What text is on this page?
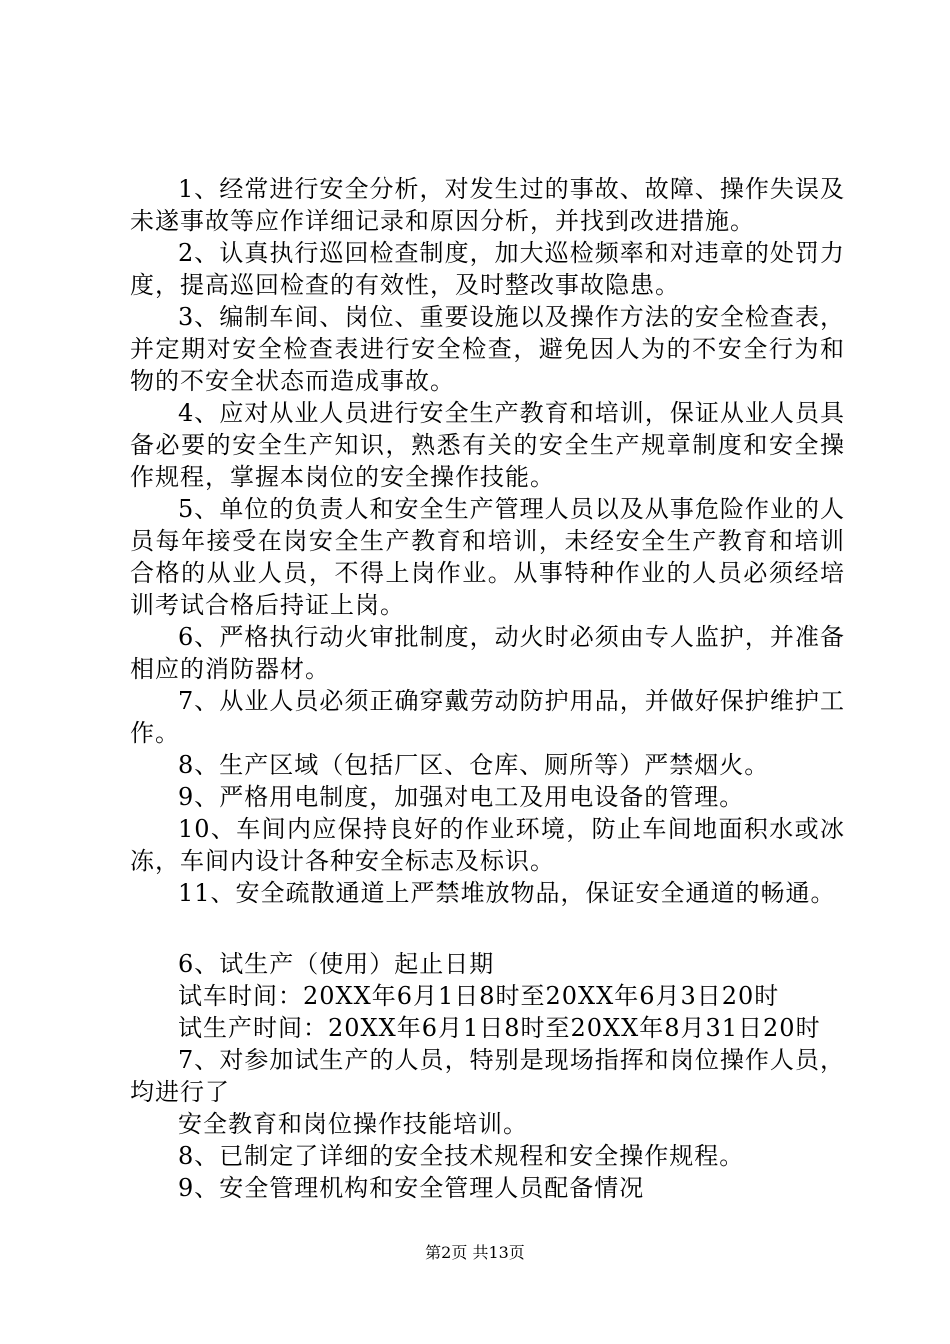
1、经常进行安全分析，对发生过的事故、故障、操作失误及未遂事故等应作详细记录和原因分析，并找到改进措施。

2、认真执行巡回检查制度，加大巡检频率和对违章的处罚力度，提高巡回检查的有效性，及时整改事故隐患。

3、编制车间、岗位、重要设施以及操作方法的安全检查表，并定期对安全检查表进行安全检查，避免因人为的不安全行为和物的不安全状态而造成事故。

4、应对从业人员进行安全生产教育和培训，保证从业人员具备必要的安全生产知识，熟悉有关的安全生产规章制度和安全操作规程，掌握本岗位的安全操作技能。

5、单位的负责人和安全生产管理人员以及从事危险作业的人员每年接受在岗安全生产教育和培训，未经安全生产教育和培训合格的从业人员，不得上岗作业。从事特种作业的人员必须经培训考试合格后持证上岗。

6、严格执行动火审批制度，动火时必须由专人监护，并准备相应的消防器材。

7、从业人员必须正确穿戴劳动防护用品，并做好保护维护工作。

8、生产区域（包括厂区、仓库、厕所等）严禁烟火。

9、严格用电制度，加强对电工及用电设备的管理。

10、车间内应保持良好的作业环境，防止车间地面积水或冰冻，车间内设计各种安全标志及标识。

11、安全疏散通道上严禁堆放物品，保证安全通道的畅通。

6、试生产（使用）起止日期

试车时间：20XX年6月1日8时至20XX年6月3日20时

试生产时间：20XX年6月1日8时至20XX年8月31日20时

7、对参加试生产的人员，特别是现场指挥和岗位操作人员，均进行了

安全教育和岗位操作技能培训。

8、已制定了详细的安全技术规程和安全操作规程。

9、安全管理机构和安全管理人员配备情况

第2页 共13页
